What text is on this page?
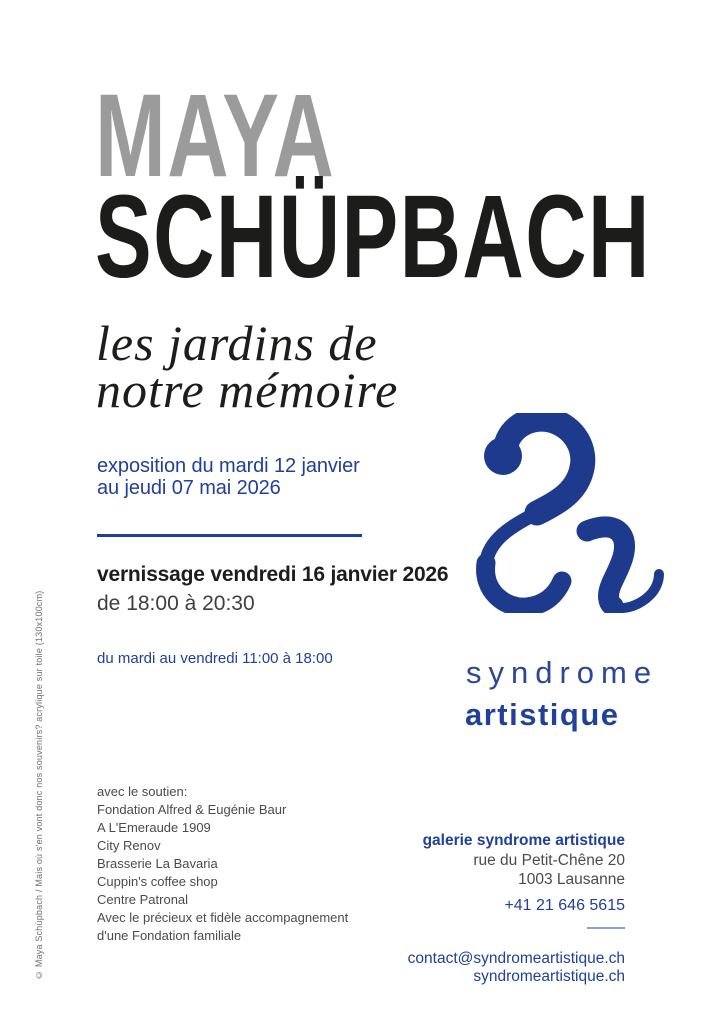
© Maya Schüpbach / Mais où s'en vont donc nos souvenirs? acrylique sur toile (130x100cm)
MAYA
SCHÜPBACH
les jardins de
notre mémoire
exposition du mardi 12 janvier
au jeudi 07 mai 2026
vernissage vendredi 16 janvier 2026
de 18:00 à 20:30
du mardi au vendredi 11:00 à 18:00
avec le soutien:
Fondation Alfred & Eugénie Baur
A L'Emeraude 1909
City Renov
Brasserie La Bavaria
Cuppin's coffee shop
Centre Patronal
Avec le précieux et fidèle accompagnement
d'une Fondation familiale
syndrome
artistique
galerie syndrome artistique
rue du Petit-Chêne 20
1003 Lausanne
+41 21 646 5615
contact@syndromeartistique.ch
syndromeartistique.ch
